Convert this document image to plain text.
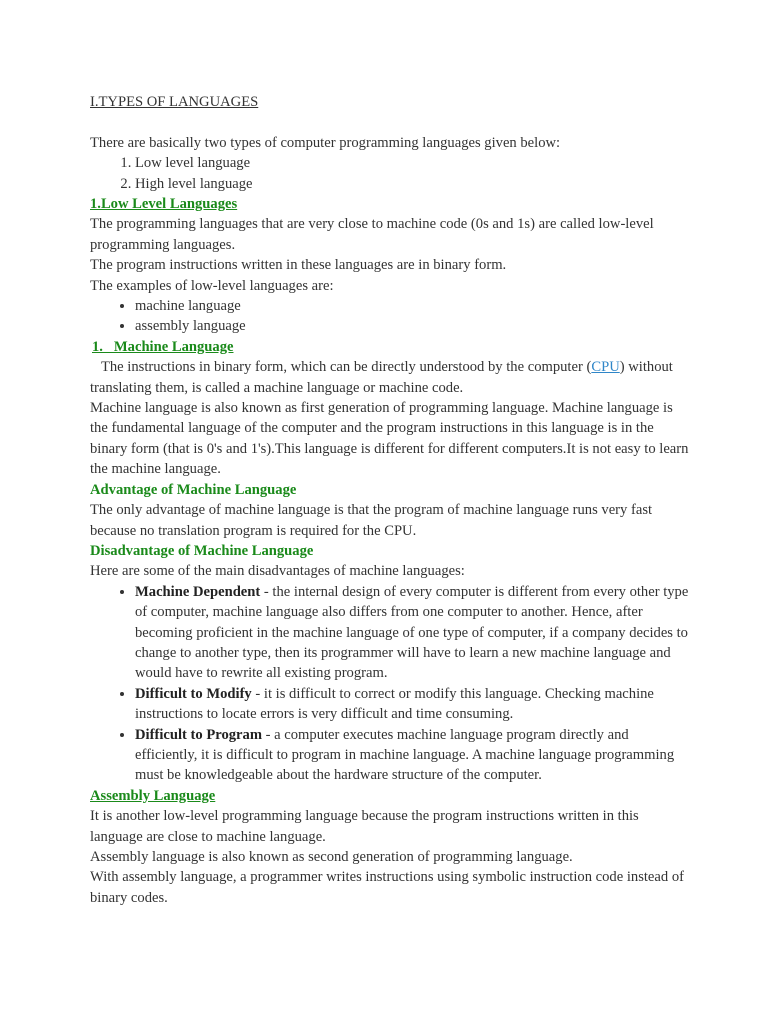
I.TYPES OF LANGUAGES

There are basically two types of computer programming languages given below:

1. Low level language
2. High level language

1.Low Level Languages

The programming languages that are very close to machine code (0s and 1s) are called low-level programming languages.

The program instructions written in these languages are in binary form.

The examples of low-level languages are:

• machine language
• assembly language

1.   Machine Language

The instructions in binary form, which can be directly understood by the computer (CPU) without translating them, is called a machine language or machine code.

Machine language is also known as first generation of programming language. Machine language is the fundamental language of the computer and the program instructions in this language is in the binary form (that is 0's and 1's).This language is different for different computers.It is not easy to learn the machine language.

Advantage of Machine Language

The only advantage of machine language is that the program of machine language runs very fast because no translation program is required for the CPU.

Disadvantage of Machine Language

Here are some of the main disadvantages of machine languages:

• Machine Dependent - the internal design of every computer is different from every other type of computer, machine language also differs from one computer to another. Hence, after becoming proficient in the machine language of one type of computer, if a company decides to change to another type, then its programmer will have to learn a new machine language and would have to rewrite all existing program.
• Difficult to Modify - it is difficult to correct or modify this language. Checking machine instructions to locate errors is very difficult and time consuming.
• Difficult to Program - a computer executes machine language program directly and efficiently, it is difficult to program in machine language. A machine language programming must be knowledgeable about the hardware structure of the computer.

Assembly Language

It is another low-level programming language because the program instructions written in this language are close to machine language.

Assembly language is also known as second generation of programming language.

With assembly language, a programmer writes instructions using symbolic instruction code instead of binary codes.
